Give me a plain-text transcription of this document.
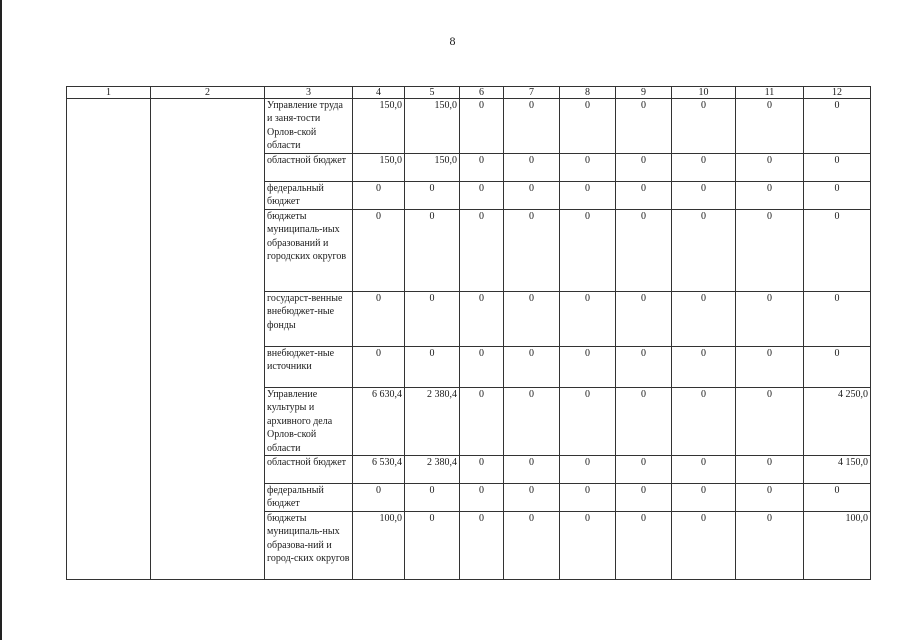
8
1	2	3	4	5	6	7	8	9	10	11	12
		Управление труда и заня-тости Орлов-ской области	150,0	150,0	0	0	0	0	0	0	0
		областной бюджет	150,0	150,0	0	0	0	0	0	0	0
		федеральный бюджет	0	0	0	0	0	0	0	0	0
		бюджеты муниципаль-иых образований и городских округов	0	0	0	0	0	0	0	0	0
		государст-венные внебюджет-ные фонды	0	0	0	0	0	0	0	0	0
		внебюджет-ные источники	0	0	0	0	0	0	0	0	0
		Управление культуры и архивного дела Орлов-ской области	6 630,4	2 380,4	0	0	0	0	0	0	4 250,0
		областной бюджет	6 530,4	2 380,4	0	0	0	0	0	0	4 150,0
		федеральный бюджет	0	0	0	0	0	0	0	0	0
		бюджеты муниципаль-ных образова-ний и город-ских округов	100,0	0	0	0	0	0	0	0	100,0
